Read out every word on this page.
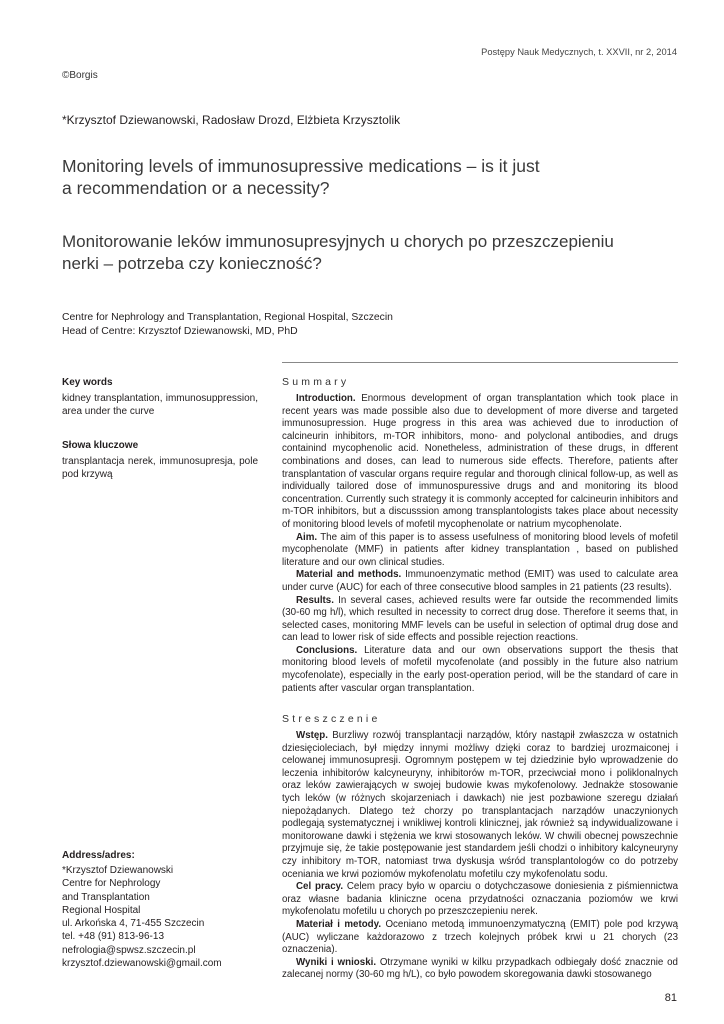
Postępy Nauk Medycznych, t. XXVII, nr 2, 2014
©Borgis
*Krzysztof Dziewanowski, Radosław Drozd, Elżbieta Krzysztolik
Monitoring levels of immunosupressive medications – is it just
a recommendation or a necessity?
Monitorowanie leków immunosupresyjnych u chorych po przeszczepieniu
nerki – potrzeba czy konieczność?
Centre for Nephrology and Transplantation, Regional Hospital, Szczecin
Head of Centre: Krzysztof Dziewanowski, MD, PhD
Key words
kidney transplantation, immunosuppression, area under the curve
Słowa kluczowe
transplantacja nerek, immunosupresja, pole pod krzywą
Address/adres:
*Krzysztof Dziewanowski
Centre for Nephrology
and Transplantation
Regional Hospital
ul. Arkońska 4, 71-455 Szczecin
tel. +48 (91) 813-96-13
nefrologia@spwsz.szczecin.pl
krzysztof.dziewanowski@gmail.com
Summary

Introduction. Enormous development of organ transplantation which took place in recent years was made possible also due to development of more diverse and targeted immunosupression. Huge progress in this area was achieved due to inroduction of calcineurin inhibitors, m-TOR inhibitors, mono- and polyclonal antibodies, and drugs containind mycophenolic acid. Nonetheless, administration of these drugs, in dfferent combinations and doses, can lead to numerous side effects. Therefore, patients after transplantation of vascular organs require regular and thorough clinical follow-up, as well as individually tailored dose of immunospuressive drugs and and monitoring its blood concentration. Currently such strategy it is commonly accepted for calcineurin inhibitors and m-TOR inhibitors, but a discusssion among transplantologists takes place about necessity of monitoring blood levels of mofetil mycophenolate or natrium mycophenolate.

Aim. The aim of this paper is to assess usefulness of monitoring blood levels of mofetil mycophenolate (MMF) in patients after kidney transplantation , based on published literature and our own clinical studies.

Material and methods. Immunoenzymatic method (EMIT) was used to calculate area under curve (AUC) for each of three consecutive blood samples in 21 patients (23 results).

Results. In several cases, achieved results were far outside the recommended limits (30-60 mg h/l), which resulted in necessity to correct drug dose. Therefore it seems that, in selected cases, monitoring MMF levels can be useful in selection of optimal drug dose and can lead to lower risk of side effects and possible rejection reactions.

Conclusions. Literature data and our own observations support the thesis that monitoring blood levels of mofetil mycofenolate (and possibly in the future also natrium mycofenolate), especially in the early post-operation period, will be the standard of care in patients after vascular organ transplantation.

Streszczenie

Wstęp. Burzliwy rozwój transplantacji narządów, który nastąpił zwłaszcza w ostatnich dziesięcioleciach, był między innymi możliwy dzięki coraz to bardziej urozmaiconej i celowanej immunosupresji. Ogromnym postępem w tej dziedzinie było wprowadzenie do leczenia inhibitorów kalcyneuryny, inhibitorów m-TOR, przeciwciał mono i poliklonalnych oraz leków zawierających w swojej budowie kwas mykofenolowy. Jednakże stosowanie tych leków (w różnych skojarzeniach i dawkach) nie jest pozbawione szeregu działań niepożądanych. Dlatego też chorzy po transplantacjach narządów unaczynionych podlegają systematycznej i wnikliwej kontroli klinicznej, jak również są indywidualizowane i monitorowane dawki i stężenia we krwi stosowanych leków. W chwili obecnej powszechnie przyjmuje się, że takie postępowanie jest standardem jeśli chodzi o inhibitory kalcyneuryny czy inhibitory m-TOR, natomiast trwa dyskusja wśród transplantologów co do potrzeby oceniania we krwi poziomów mykofenolatu mofetilu czy mykofenolatu sodu.

Cel pracy. Celem pracy było w oparciu o dotychczasowe doniesienia z piśmiennictwa oraz własne badania kliniczne ocena przydatności oznaczania poziomów we krwi mykofenolatu mofetilu u chorych po przeszczepieniu nerek.

Materiał i metody. Oceniano metodą immunoenzymatyczną (EMIT) pole pod krzywą (AUC) wyliczane każdorazowo z trzech kolejnych próbek krwi u 21 chorych (23 oznaczenia).

Wyniki i wnioski. Otrzymane wyniki w kilku przypadkach odbiegały dość znacznie od zalecanej normy (30-60 mg h/L), co było powodem skoregowania dawki stosowanego

81
